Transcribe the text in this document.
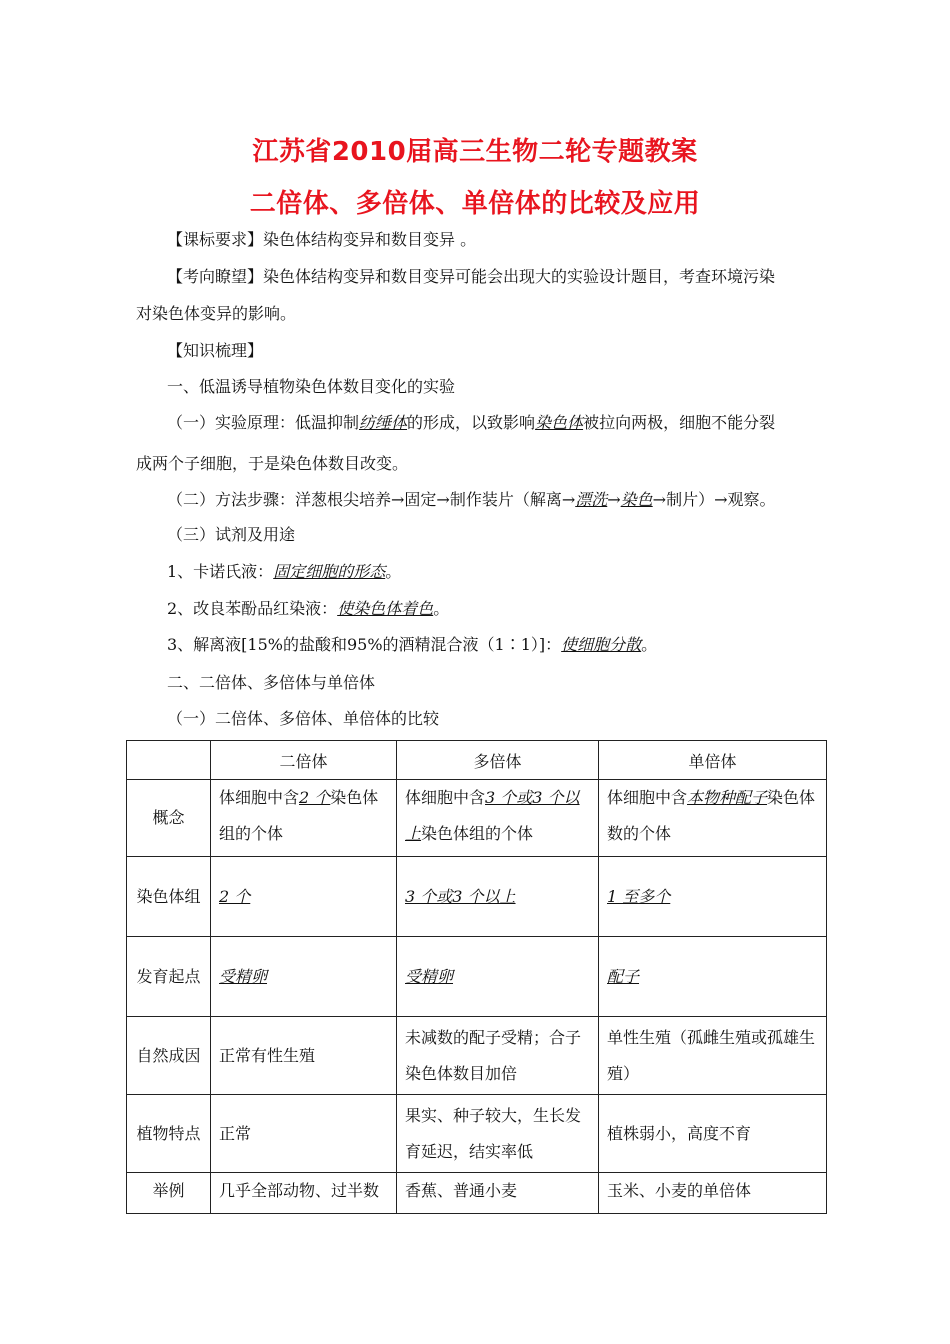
江苏省2010届高三生物二轮专题教案
二倍体、多倍体、单倍体的比较及应用
【课标要求】染色体结构变异和数目变异 。
【考向瞭望】染色体结构变异和数目变异可能会出现大的实验设计题目，考查环境污染
对染色体变异的影响。
【知识梳理】
一、低温诱导植物染色体数目变化的实验
（一）实验原理：低温抑制纺缍体的形成，以致影响染色体被拉向两极，细胞不能分裂
成两个子细胞，于是染色体数目改变。
（二）方法步骤：洋葱根尖培养→固定→制作装片（解离→漂洗→染色→制片）→观察。
（三）试剂及用途
1、卡诺氏液：固定细胞的形态。
2、改良苯酚品红染液：使染色体着色。
3、解离液[15%的盐酸和95%的酒精混合液（1∶1）]：使细胞分散。
二、二倍体、多倍体与单倍体
（一）二倍体、多倍体、单倍体的比较
	二倍体	多倍体	单倍体
概念	体细胞中含2 个染色体组的个体	体细胞中含3 个或3 个以上染色体组的个体	体细胞中含本物种配子染色体数的个体
染色体组	2 个	3 个或3 个以上	1 至多个
发育起点	受精卵	受精卵	配子
自然成因	正常有性生殖	未减数的配子受精；合子染色体数目加倍	单性生殖（孤雌生殖或孤雄生殖）
植物特点	正常	果实、种子较大，生长发育延迟，结实率低	植株弱小，高度不育
举例	几乎全部动物、过半数	香蕉、普通小麦	玉米、小麦的单倍体
